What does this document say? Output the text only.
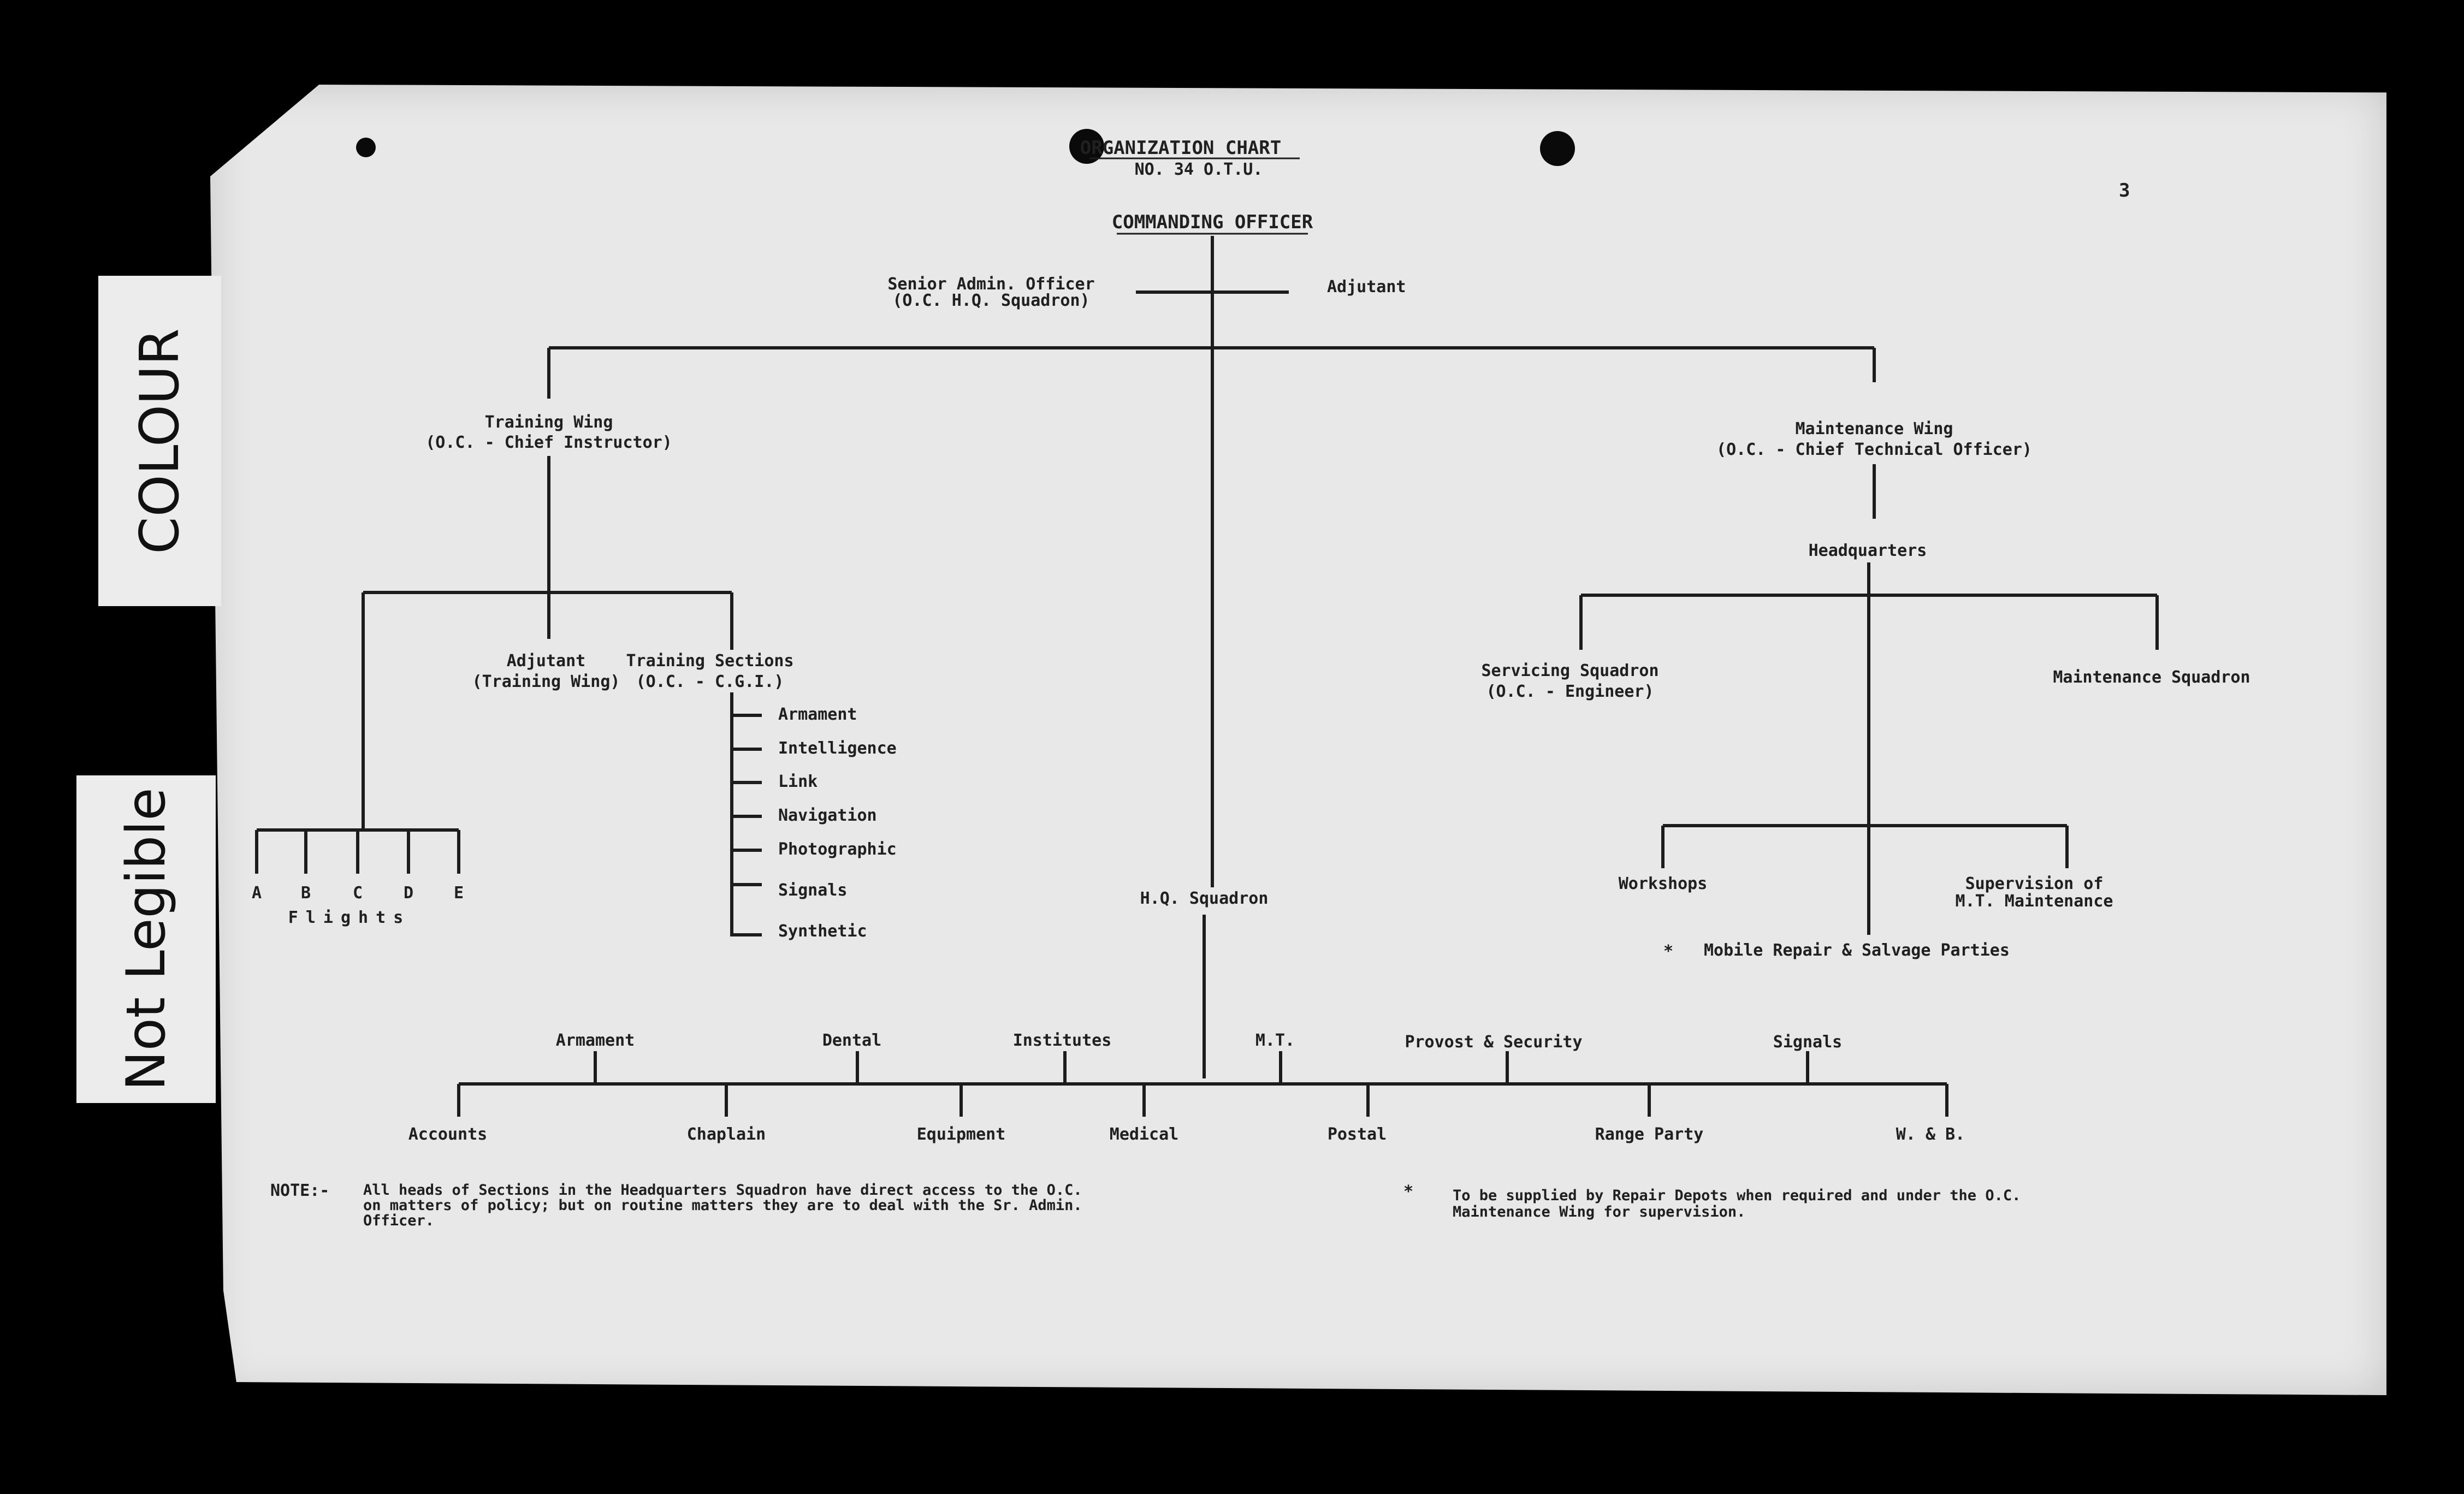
COLOUR
Not Legible
ORGANIZATION CHART
NO. 34 O.T.U.
3
COMMANDING OFFICER
Senior Admin. Officer
(O.C. H.Q. Squadron)
Adjutant
Training Wing
(O.C. - Chief Instructor)
Adjutant
(Training Wing)
Training Sections
(O.C. - C.G.I.)
Armament
Intelligence
Link
Navigation
Photographic
Signals
Synthetic
A B	C D E
Flights
Maintenance Wing
(O.C. - Chief Technical Officer)
Headquarters
Servicing Squadron
(O.C. - Engineer)
Maintenance Squadron
Workshops	Supervision of
M.T. Maintenance
* Mobile Repair & Salvage Parties
H.Q. Squadron
Armament	Dental	Institutes	M.T.	Provost & Security	Signals
Accounts	Chaplain	Equipment	Medical	Postal	Range Party	W. & B.
NOTE:- All heads of Sections in the Headquarters Squadron have direct access to the O.C.
on matters of policy; but on routine matters they are to deal with the Sr. Admin.
Officer.
*	To be supplied by Repair Depots when required and under the O.C.
Maintenance Wing for supervision.
